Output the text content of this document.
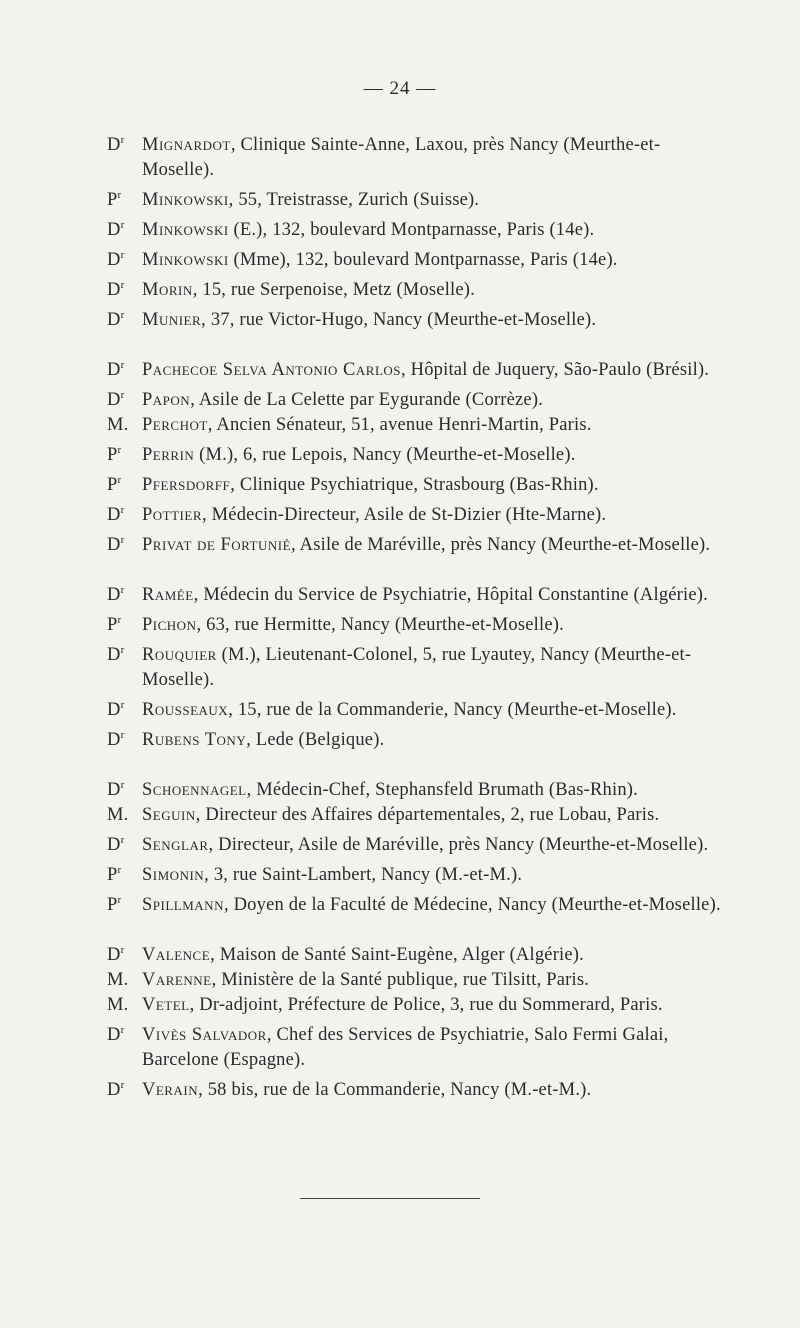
— 24 —
$D^r$ Mignardot, Clinique Sainte-Anne, Laxou, près Nancy (Meurthe-et-Moselle).
$P^r$ Minkowski, 55, Treistrasse, Zurich (Suisse).
$D^r$ Minkowski (E.), 132, boulevard Montparnasse, Paris (14e).
$D^r$ Minkowski (Mme), 132, boulevard Montparnasse, Paris (14e).
$D^r$ Morin, 15, rue Serpenoise, Metz (Moselle).
$D^r$ Munier, 37, rue Victor-Hugo, Nancy (Meurthe-et-Moselle).
$D^r$ Pachecoe Selva Antonio Carlos, Hôpital de Juquery, São-Paulo (Brésil).
$D^r$ Papon, Asile de La Celette par Eygurande (Corrèze).
M. Perchot, Ancien Sénateur, 51, avenue Henri-Martin, Paris.
$P^r$ Perrin (M.), 6, rue Lepois, Nancy (Meurthe-et-Moselle).
$P^r$ Pfersdorff, Clinique Psychiatrique, Strasbourg (Bas-Rhin).
$D^r$ Pottier, Médecin-Directeur, Asile de St-Dizier (Hte-Marne).
$D^r$ Privat de Fortunié, Asile de Maréville, près Nancy (Meurthe-et-Moselle).
$D^r$ Ramée, Médecin du Service de Psychiatrie, Hôpital Constantine (Algérie).
$P^r$ Pichon, 63, rue Hermitte, Nancy (Meurthe-et-Moselle).
$D^r$ Rouquier (M.), Lieutenant-Colonel, 5, rue Lyautey, Nancy (Meurthe-et-Moselle).
$D^r$ Rousseaux, 15, rue de la Commanderie, Nancy (Meurthe-et-Moselle).
$D^r$ Rubens Tony, Lede (Belgique).
$D^r$ Schoennagel, Médecin-Chef, Stephansfeld Brumath (Bas-Rhin).
M. Seguin, Directeur des Affaires départementales, 2, rue Lobau, Paris.
$D^r$ Senglar, Directeur, Asile de Maréville, près Nancy (Meurthe-et-Moselle).
$P^r$ Simonin, 3, rue Saint-Lambert, Nancy (M.-et-M.).
$P^r$ Spillmann, Doyen de la Faculté de Médecine, Nancy (Meurthe-et-Moselle).
$D^r$ Valence, Maison de Santé Saint-Eugène, Alger (Algérie).
M. Varenne, Ministère de la Santé publique, rue Tilsitt, Paris.
M. Vetel, Dr-adjoint, Préfecture de Police, 3, rue du Sommerard, Paris.
$D^r$ Vivès Salvador, Chef des Services de Psychiatrie, Salo Fermi Galai, Barcelone (Espagne).
$D^r$ Verain, 58 bis, rue de la Commanderie, Nancy (M.-et-M.).
